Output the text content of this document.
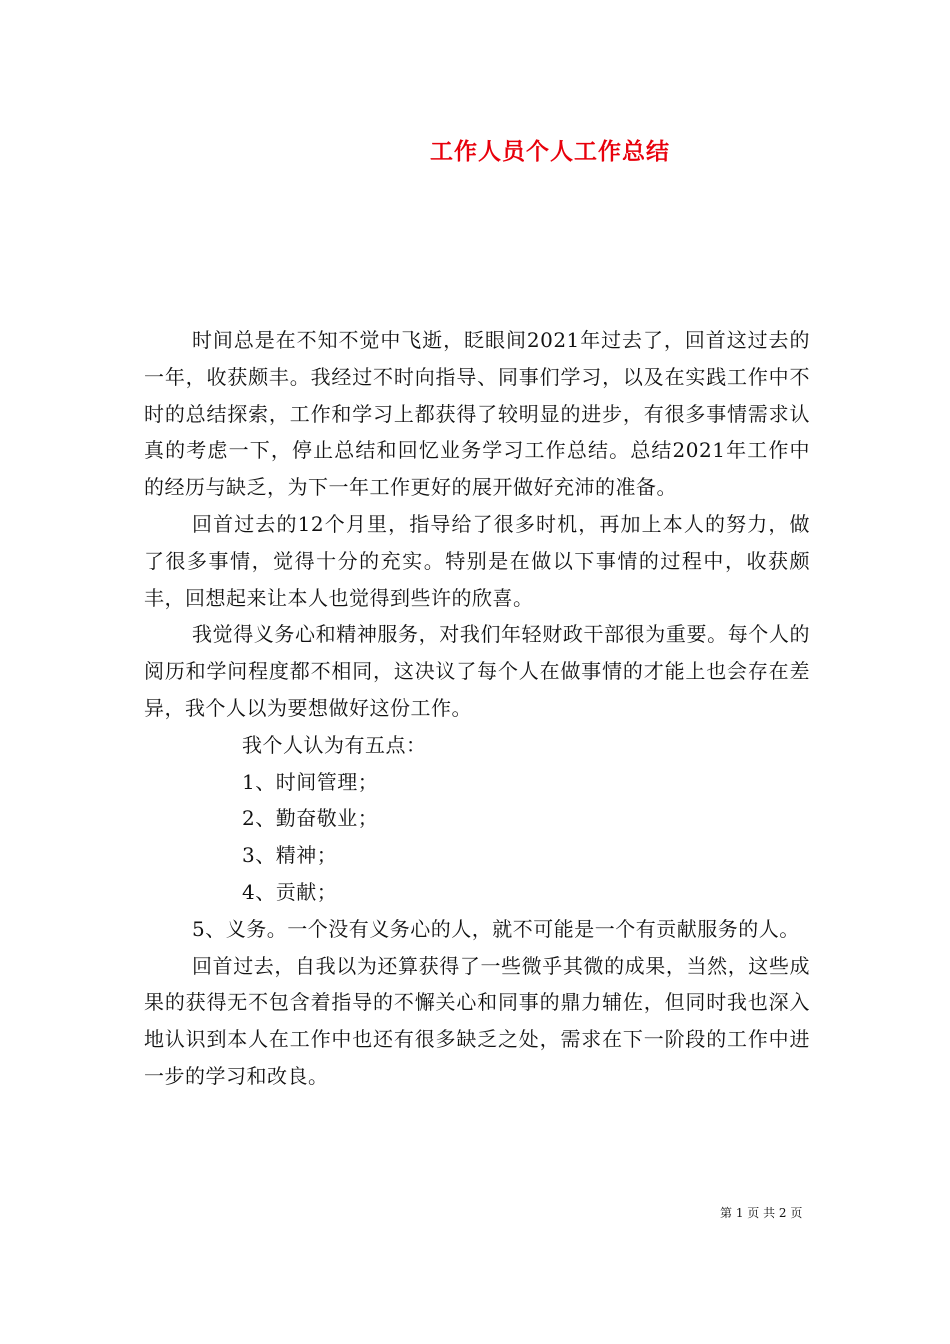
工作人员个人工作总结

时间总是在不知不觉中飞逝，眨眼间2021年过去了，回首这过去的一年，收获颇丰。我经过不时向指导、同事们学习，以及在实践工作中不时的总结探索，工作和学习上都获得了较明显的进步，有很多事情需求认真的考虑一下，停止总结和回忆业务学习工作总结。总结2021年工作中的经历与缺乏，为下一年工作更好的展开做好充沛的准备。

回首过去的12个月里，指导给了很多时机，再加上本人的努力，做了很多事情，觉得十分的充实。特别是在做以下事情的过程中，收获颇丰，回想起来让本人也觉得到些许的欣喜。

我觉得义务心和精神服务，对我们年轻财政干部很为重要。每个人的阅历和学问程度都不相同，这决议了每个人在做事情的才能上也会存在差异，我个人以为要想做好这份工作。

我个人认为有五点：

1、时间管理；

2、勤奋敬业；

3、精神；

4、贡献；

5、义务。一个没有义务心的人，就不可能是一个有贡献服务的人。

回首过去，自我以为还算获得了一些微乎其微的成果，当然，这些成果的获得无不包含着指导的不懈关心和同事的鼎力辅佐，但同时我也深入地认识到本人在工作中也还有很多缺乏之处，需求在下一阶段的工作中进一步的学习和改良。

第 1 页 共 2 页
